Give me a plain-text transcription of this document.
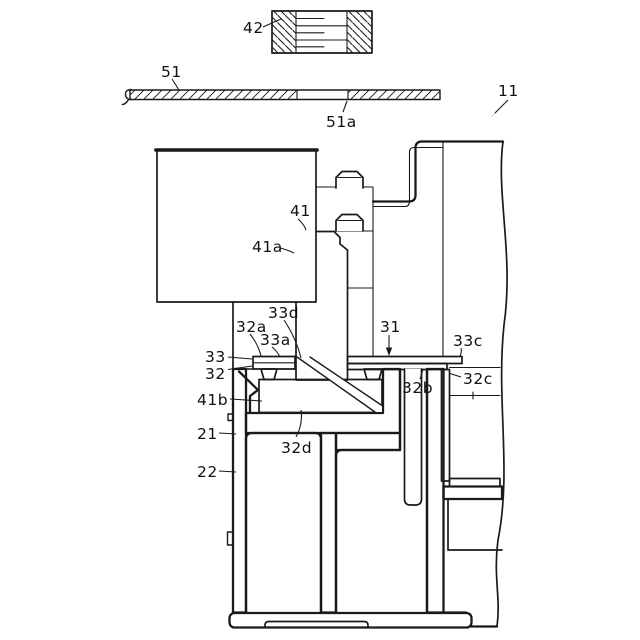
42
51
51a
11
41
41a
33d
32a
33a
31
33c
33
32
32b 32c
41b
21
32d
22
